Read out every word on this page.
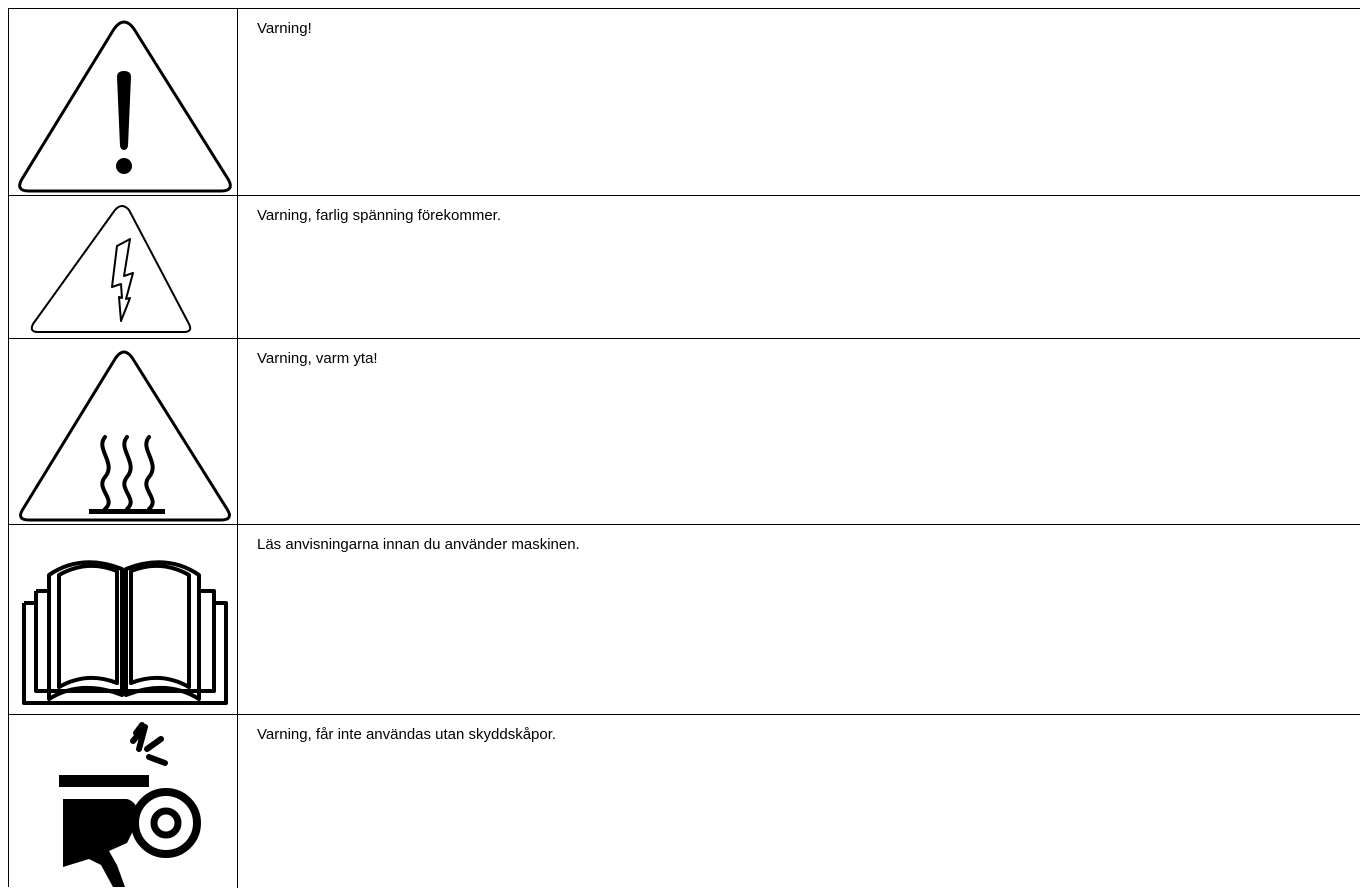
Varning!
Varning, farlig spänning förekommer.
Varning, varm yta!
Läs anvisningarna innan du använder maskinen.
Varning, får inte användas utan skyddskåpor.
